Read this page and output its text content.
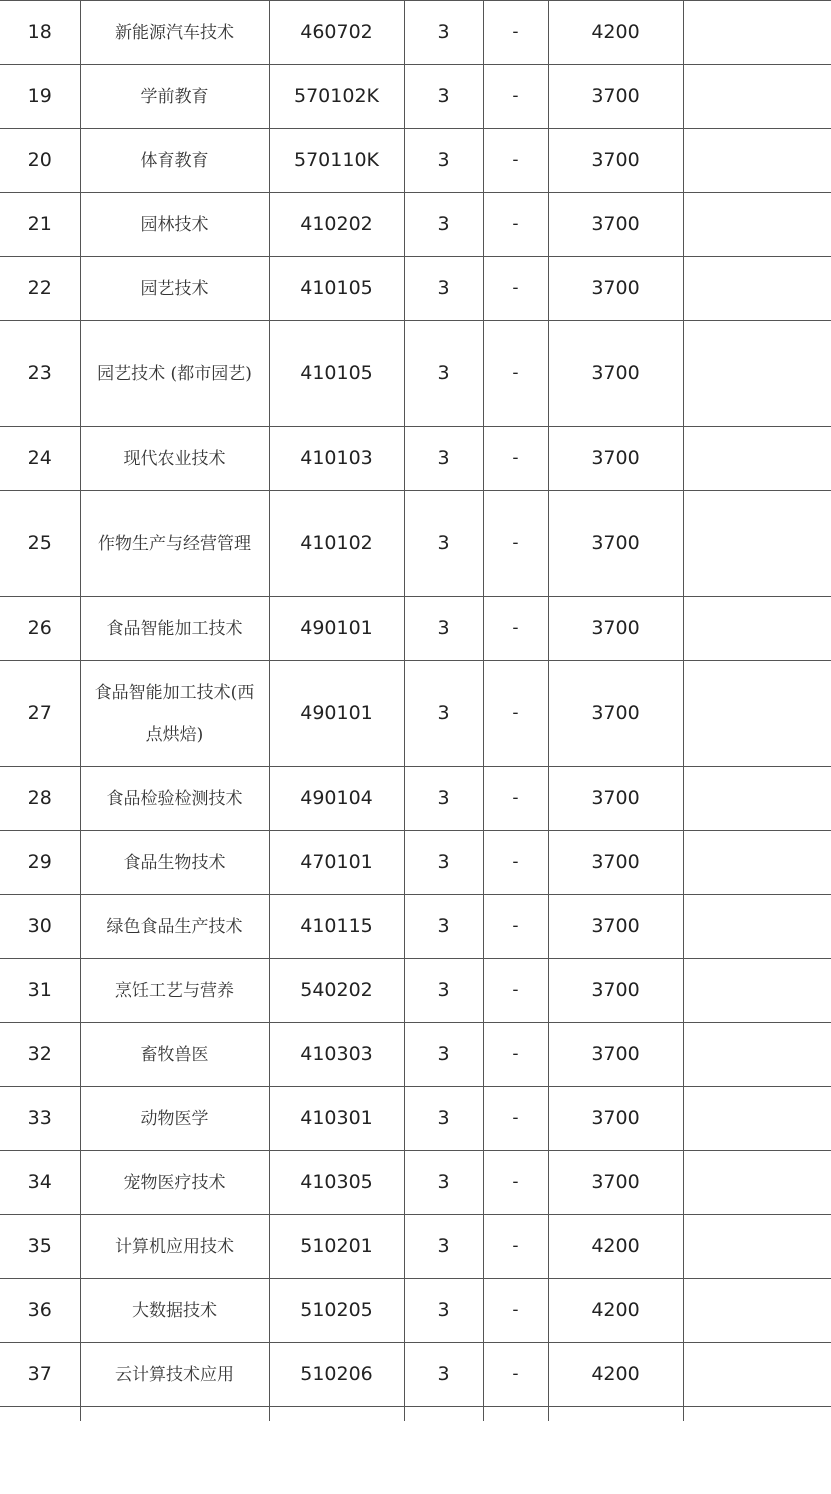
18	新能源汽车技术	460702	3	-	4200	
19	学前教育	570102K	3	-	3700	
20	体育教育	570110K	3	-	3700	
21	园林技术	410202	3	-	3700	
22	园艺技术	410105	3	-	3700	
23	园艺技术 (都市园艺)	410105	3	-	3700	
24	现代农业技术	410103	3	-	3700	
25	作物生产与经营管理	410102	3	-	3700	
26	食品智能加工技术	490101	3	-	3700	
27	食品智能加工技术(西点烘焙)	490101	3	-	3700	
28	食品检验检测技术	490104	3	-	3700	
29	食品生物技术	470101	3	-	3700	
30	绿色食品生产技术	410115	3	-	3700	
31	烹饪工艺与营养	540202	3	-	3700	
32	畜牧兽医	410303	3	-	3700	
33	动物医学	410301	3	-	3700	
34	宠物医疗技术	410305	3	-	3700	
35	计算机应用技术	510201	3	-	4200	
36	大数据技术	510205	3	-	4200	
37	云计算技术应用	510206	3	-	4200	
